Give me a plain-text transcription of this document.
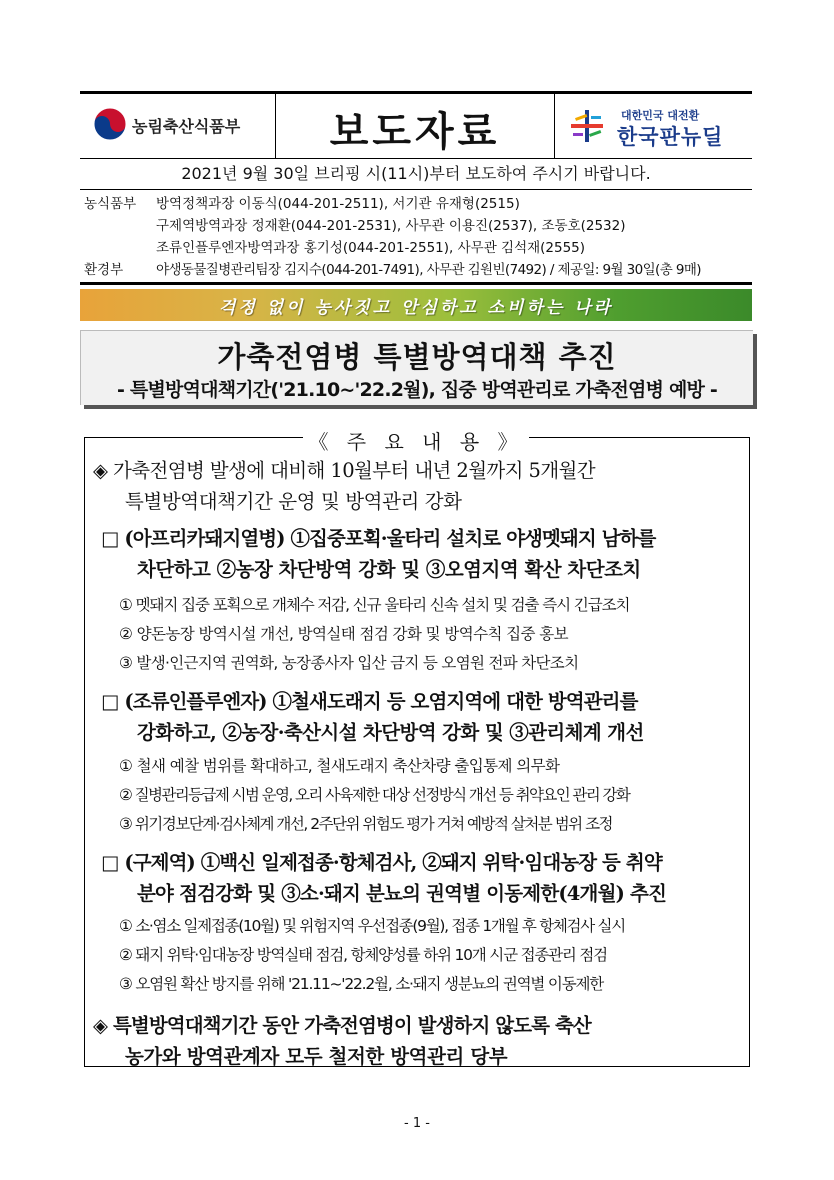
농림축산식품부	보도자료	대한민국 대전환
한국판뉴딜
2021년 9월 30일 브리핑 시(11시)부터 보도하여 주시기 바랍니다.
농식품부 방역정책과장 이동식(044-201-2511), 서기관 유재형(2515)
구제역방역과장 정재환(044-201-2531), 사무관 이용진(2537), 조동호(2532)
조류인플루엔자방역과장 홍기성(044-201-2551), 사무관 김석재(2555)
환경부 야생동물질병관리팀장 김지수(044-201-7491), 사무관 김원빈(7492) / 제공일: 9월 30일(총 9매)
걱정 없이 농사짓고 안심하고 소비하는 나라
가축전염병 특별방역대책 추진
- 특별방역대책기간('21.10~'22.2월), 집중 방역관리로 가축전염병 예방 -
《 주 요 내 용 》
◈ 가축전염병 발생에 대비해 10월부터 내년 2월까지 5개월간
특별방역대책기간 운영 및 방역관리 강화
□ (아프리카돼지열병) ①집중포획·울타리 설치로 야생멧돼지 남하를
차단하고 ②농장 차단방역 강화 및 ③오염지역 확산 차단조치
① 멧돼지 집중 포획으로 개체수 저감, 신규 울타리 신속 설치 및 검출 즉시 긴급조치
② 양돈농장 방역시설 개선, 방역실태 점검 강화 및 방역수칙 집중 홍보
③ 발생·인근지역 권역화, 농장종사자 입산 금지 등 오염원 전파 차단조치
□ (조류인플루엔자) ①철새도래지 등 오염지역에 대한 방역관리를
강화하고, ②농장·축산시설 차단방역 강화 및 ③관리체계 개선
① 철새 예찰 범위를 확대하고, 철새도래지 축산차량 출입통제 의무화
② 질병관리등급제 시범 운영, 오리 사육제한 대상 선정방식 개선 등 취약요인 관리 강화
③ 위기경보단계·검사체계 개선, 2주단위 위험도 평가 거쳐 예방적 살처분 범위 조정
□ (구제역) ①백신 일제접종·항체검사, ②돼지 위탁·임대농장 등 취약
분야 점검강화 및 ③소·돼지 분뇨의 권역별 이동제한(4개월) 추진
① 소·염소 일제접종(10월) 및 위험지역 우선접종(9월), 접종 1개월 후 항체검사 실시
② 돼지 위탁·임대농장 방역실태 점검, 항체양성률 하위 10개 시군 접종관리 점검
③ 오염원 확산 방지를 위해 '21.11~'22.2월, 소·돼지 생분뇨의 권역별 이동제한
◈ 특별방역대책기간 동안 가축전염병이 발생하지 않도록 축산
농가와 방역관계자 모두 철저한 방역관리 당부
- 1 -
